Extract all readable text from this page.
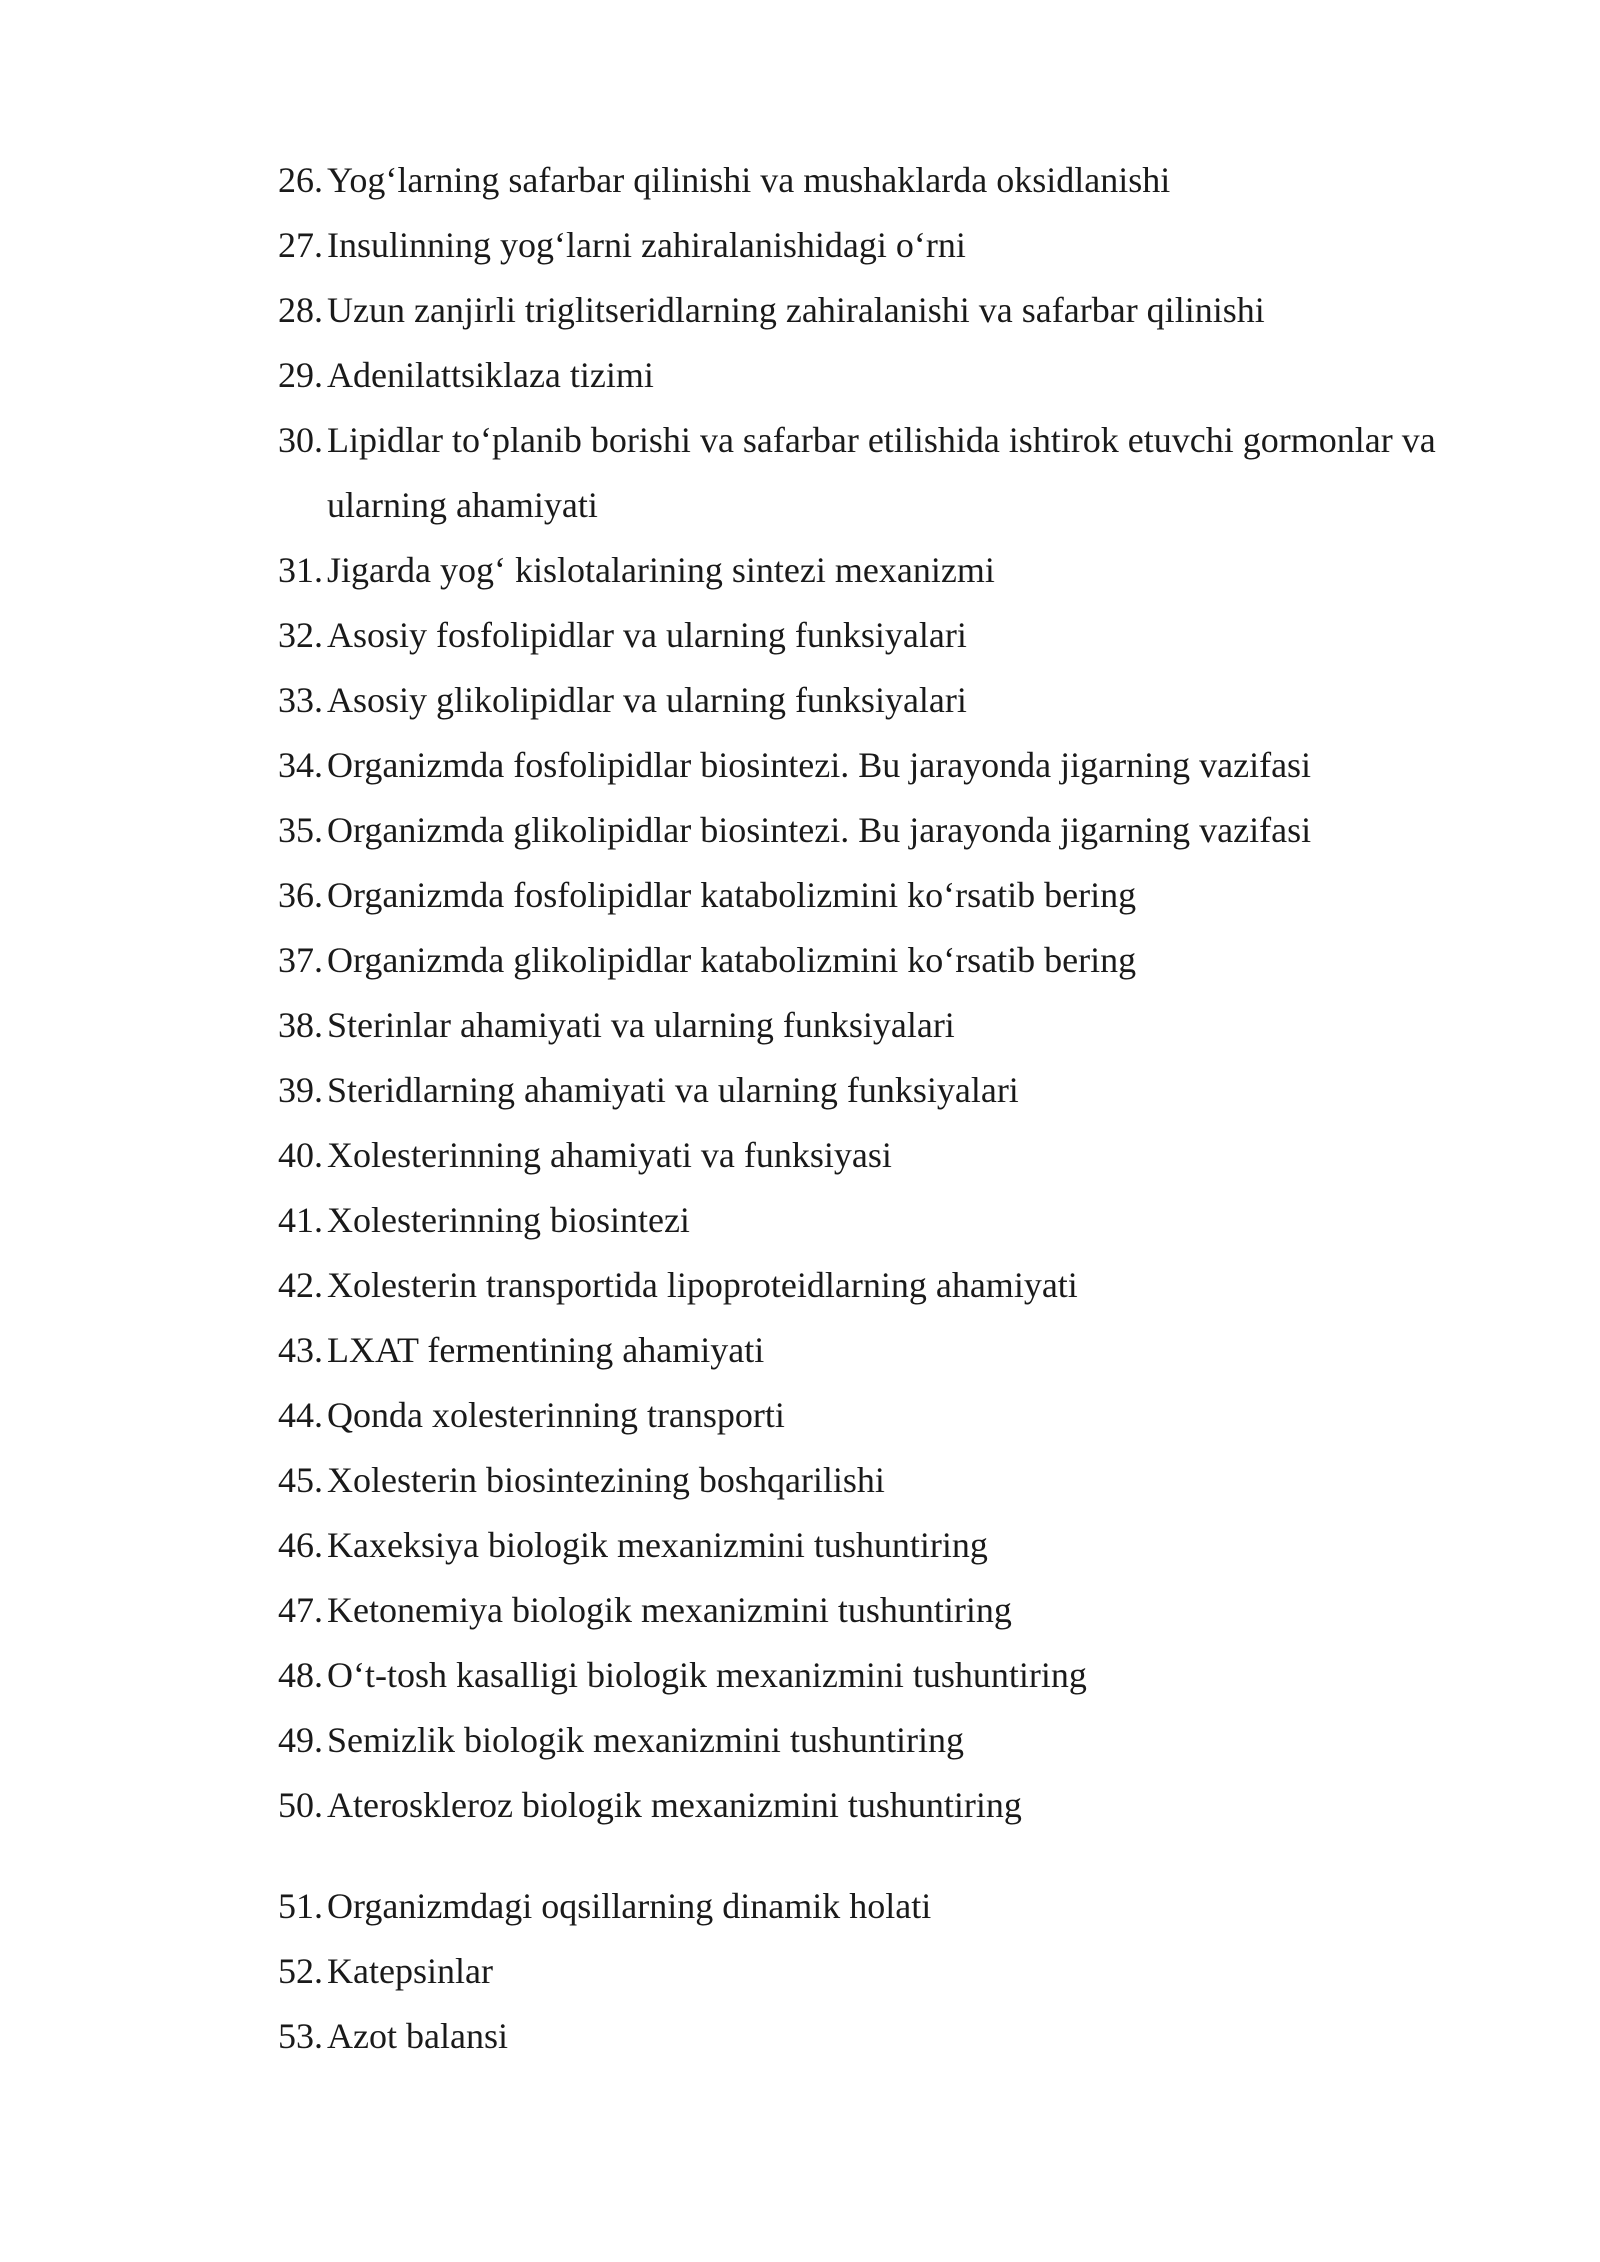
26. Yog‘larning safarbar qilinishi va mushaklarda oksidlanishi
27. Insulinning yog‘larni zahiralanishidagi o‘rni
28. Uzun zanjirli triglitseridlarning zahiralanishi va safarbar qilinishi
29. Adenilattsiklaza tizimi
30. Lipidlar to‘planib borishi va safarbar etilishida ishtirok etuvchi gormonlar va ularning ahamiyati
31. Jigarda yog‘ kislotalarining sintezi mexanizmi
32. Asosiy fosfolipidlar va ularning funksiyalari
33. Asosiy glikolipidlar va ularning funksiyalari
34. Organizmda fosfolipidlar biosintezi. Bu jarayonda jigarning vazifasi
35. Organizmda glikolipidlar biosintezi. Bu jarayonda jigarning vazifasi
36. Organizmda fosfolipidlar katabolizmini ko‘rsatib bering
37. Organizmda glikolipidlar katabolizmini ko‘rsatib bering
38. Sterinlar ahamiyati va ularning funksiyalari
39. Steridlarning ahamiyati va ularning funksiyalari
40. Xolesterinning ahamiyati va funksiyasi
41. Xolesterinning biosintezi
42. Xolesterin transportida lipoproteidlarning ahamiyati
43. LXAT fermentining ahamiyati
44. Qonda xolesterinning transporti
45. Xolesterin biosintezining boshqarilishi
46. Kaxeksiya biologik mexanizmini tushuntiring
47. Ketonemiya biologik mexanizmini tushuntiring
48. O‘t-tosh kasalligi biologik mexanizmini tushuntiring
49. Semizlik biologik mexanizmini tushuntiring
50. Ateroskleroz biologik mexanizmini tushuntiring
51. Organizmdagi oqsillarning dinamik holati
52. Katepsinlar
53. Azot balansi
